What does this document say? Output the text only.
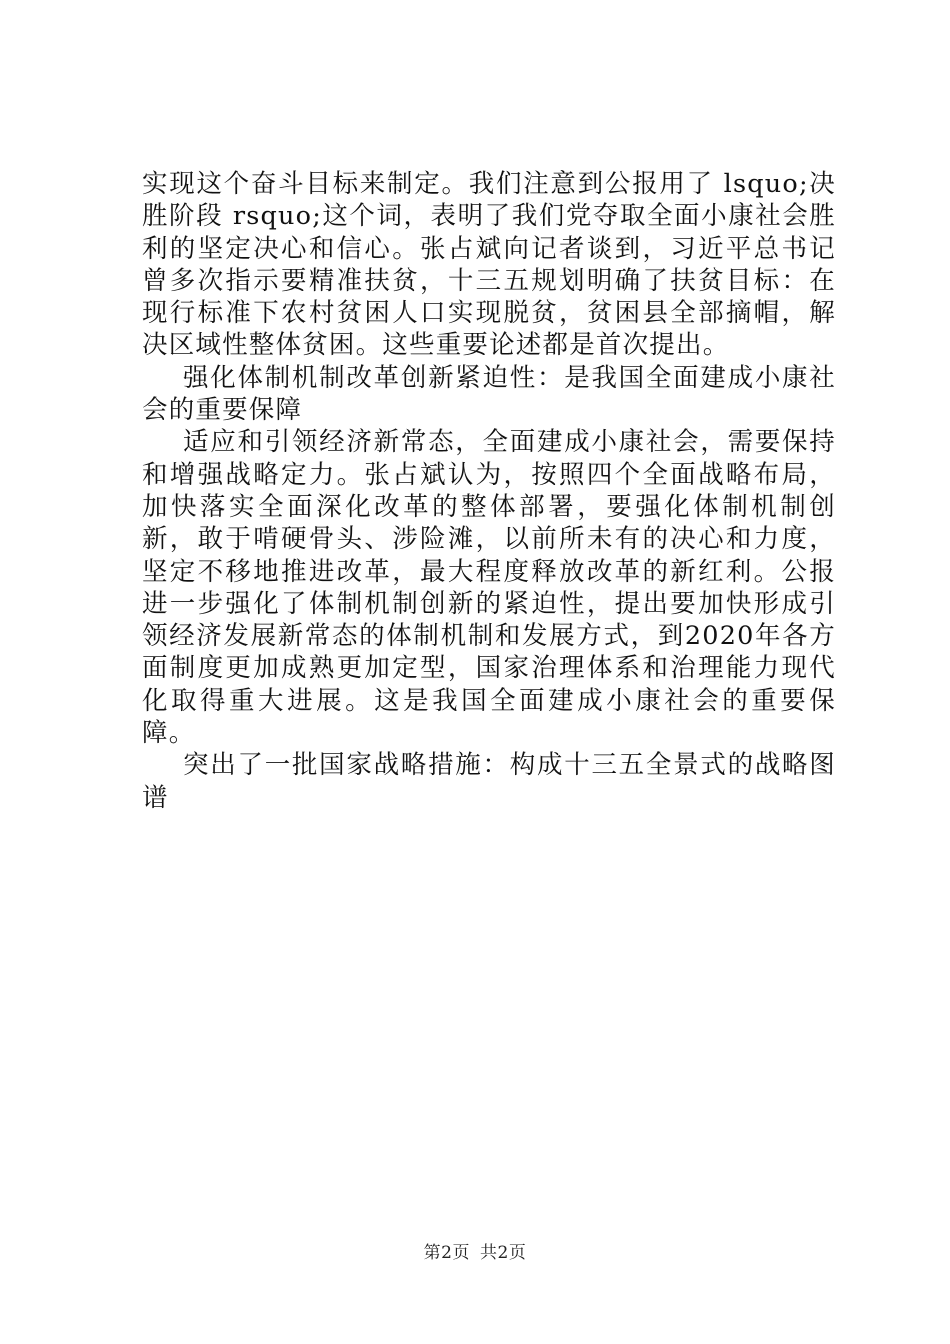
实现这个奋斗目标来制定。我们注意到公报用了 lsquo;决胜阶段 rsquo;这个词，表明了我们党夺取全面小康社会胜利的坚定决心和信心。张占斌向记者谈到，习近平总书记曾多次指示要精准扶贫，十三五规划明确了扶贫目标：在现行标准下农村贫困人口实现脱贫，贫困县全部摘帽，解决区域性整体贫困。这些重要论述都是首次提出。

强化体制机制改革创新紧迫性：是我国全面建成小康社会的重要保障

适应和引领经济新常态，全面建成小康社会，需要保持和增强战略定力。张占斌认为，按照四个全面战略布局，加快落实全面深化改革的整体部署，要强化体制机制创新，敢于啃硬骨头、涉险滩，以前所未有的决心和力度，坚定不移地推进改革，最大程度释放改革的新红利。公报进一步强化了体制机制创新的紧迫性，提出要加快形成引领经济发展新常态的体制机制和发展方式，到2020年各方面制度更加成熟更加定型，国家治理体系和治理能力现代化取得重大进展。这是我国全面建成小康社会的重要保障。

突出了一批国家战略措施：构成十三五全景式的战略图谱

第2页 共2页
